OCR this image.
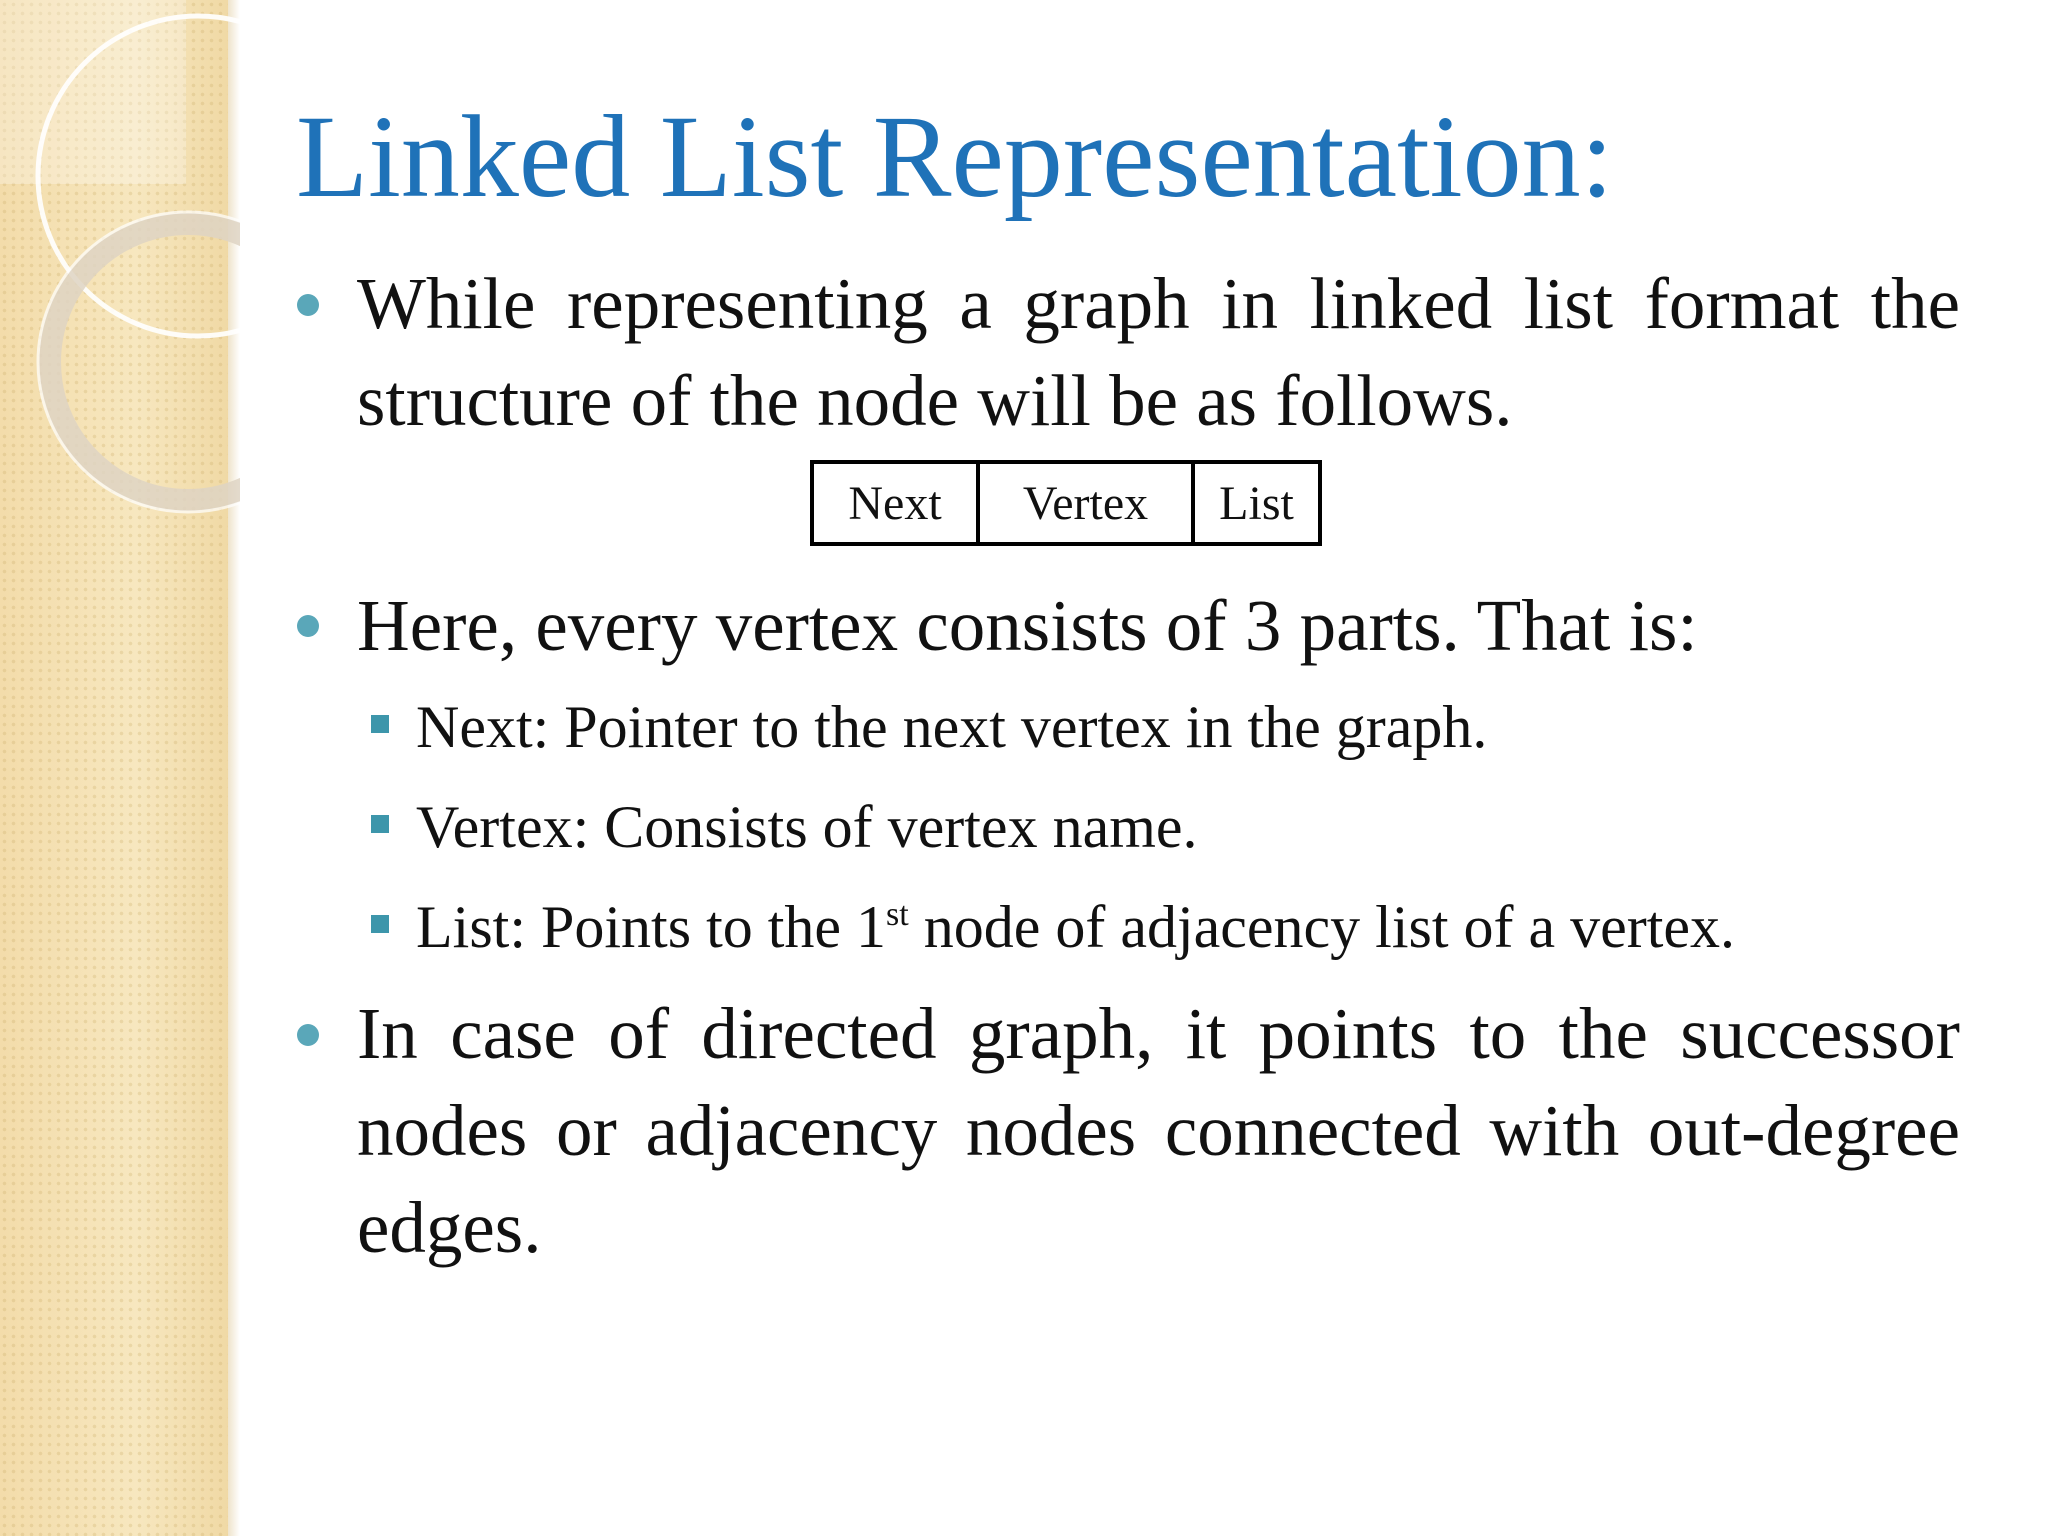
Linked List Representation:
While representing a graph in linked list format the structure of the node will be as follows.
Next	Vertex	List
Here, every vertex consists of 3 parts. That is:
Next: Pointer to the next vertex in the graph.
Vertex: Consists of vertex name.
List: Points to the 1st node of adjacency list of a vertex.
In case of directed graph, it points to the successor nodes or adjacency nodes connected with out-degree edges.
